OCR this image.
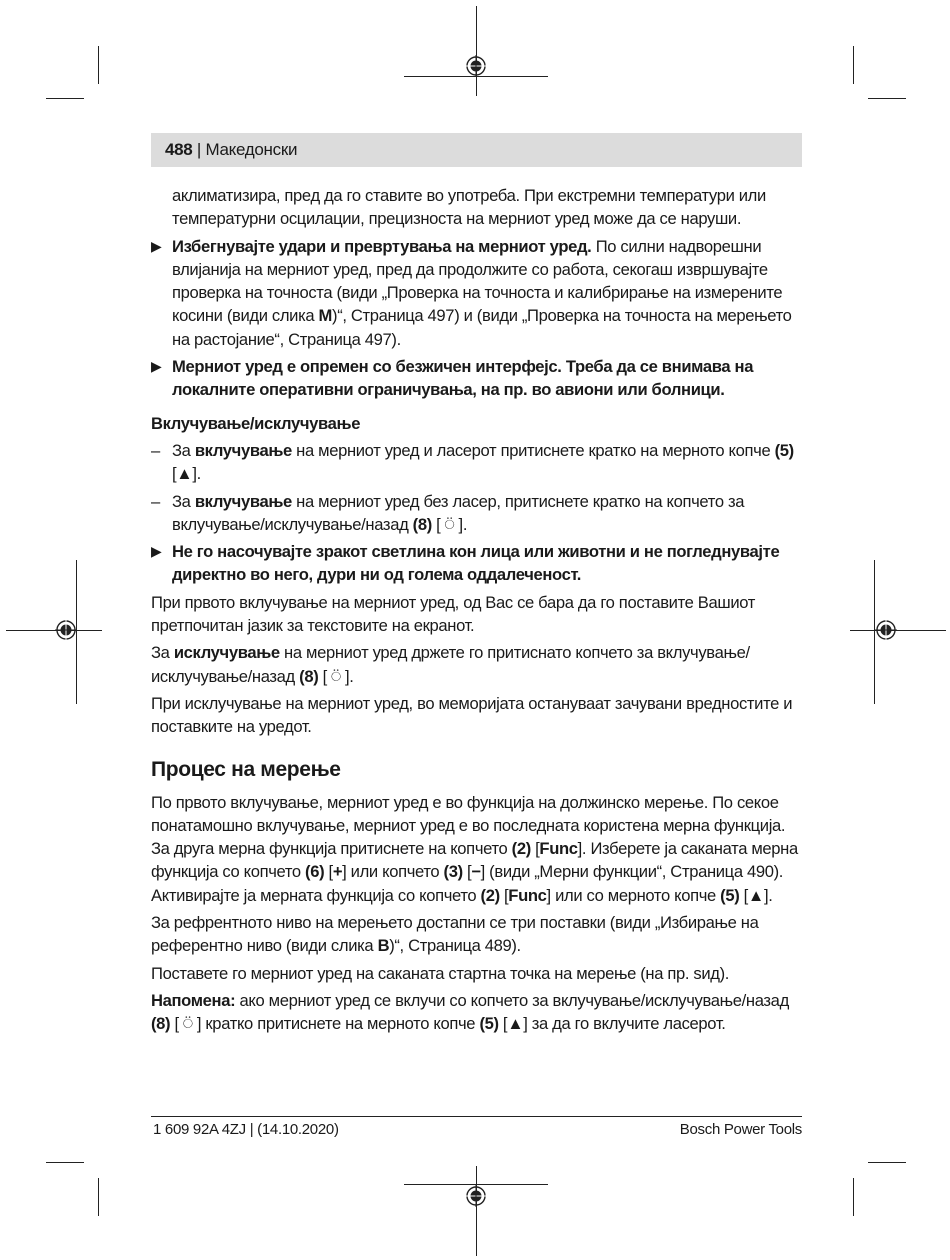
488 | Македонски

аклиматизира, пред да го ставите во употреба. При екстремни температури или температурни осцилации, прецизноста на мерниот уред може да се наруши.

▶ Избегнувајте удари и превртувања на мерниот уред. По силни надворешни влијанија на мерниот уред, пред да продолжите со работа, секогаш извршувајте проверка на точноста (види „Проверка на точноста и калибрирање на измерените косини (види слика M)“, Страница 497) и (види „Проверка на точноста на мерењето на растојание“, Страница 497).
▶ Мерниот уред е опремен со безжичен интерфејс. Треба да се внимава на локалните оперативни ограничувања, на пр. во авиони или болници.

Вклучување/исклучување

– За вклучување на мерниот уред и ласерот притиснете кратко на мерното копче (5) [▲].
– За вклучување на мерниот уред без ласер, притиснете кратко на копчето за вклучување/исклучување/назад (8) [ ⍥ ].
▶ Не го насочувајте зракот светлина кон лица или животни и не погледнувајте директно во него, дури ни од голема оддалеченост.

При првото вклучување на мерниот уред, од Вас се бара да го поставите Вашиот претпочитан јазик за текстовите на екранот.

За исклучување на мерниот уред држете го притиснато копчето за вклучување/исклучување/назад (8) [ ⍥ ].

При исклучување на мерниот уред, во меморијата остануваат зачувани вредностите и поставките на уредот.

Процес на мерење

По првото вклучување, мерниот уред е во функција на должинско мерење. По секое понатамошно вклучување, мерниот уред е во последната користена мерна функција. За друга мерна функција притиснете на копчето (2) [Func]. Изберете ја саканата мерна функција со копчето (6) [+] или копчето (3) [−] (види „Мерни функции“, Страница 490). Активирајте ја мерната функција со копчето (2) [Func] или со мерното копче (5) [▲].

За рефрентното ниво на мерењето достапни се три поставки (види „Избирање на референтно ниво (види слика B)“, Страница 489).

Поставете го мерниот уред на саканата стартна точка на мерење (на пр. ѕид).

Напомена: ако мерниот уред се вклучи со копчето за вклучување/исклучување/назад (8) [ ⍥ ] кратко притиснете на мерното копче (5) [▲] за да го вклучите ласерот.

1 609 92A 4ZJ | (14.10.2020)	Bosch Power Tools
